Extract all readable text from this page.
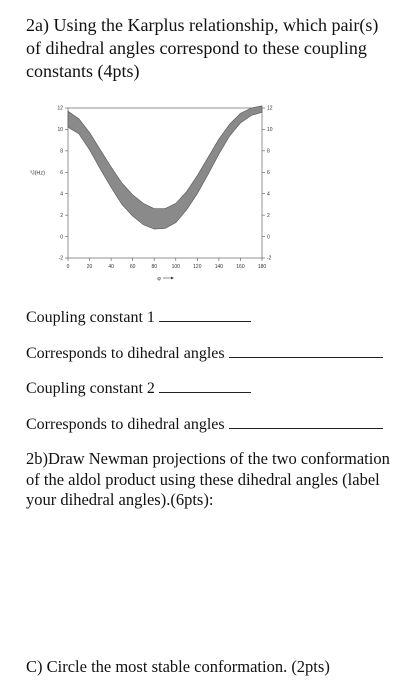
2a) Using the Karplus relationship, which pair(s) of dihedral angles correspond to these coupling constants (4pts)

0	20	40	60	80	100	120	140	160	180
-2
0
2
4
6
8
10
12
-2
0
2
4
6
8
10
12
³J(Hz)
φ
Coupling constant 1
Corresponds to dihedral angles
Coupling constant 2
Corresponds to dihedral angles

2b)Draw Newman projections of the two conformation of the aldol product using these dihedral angles (label your dihedral angles).(6pts):

C) Circle the most stable conformation. (2pts)
